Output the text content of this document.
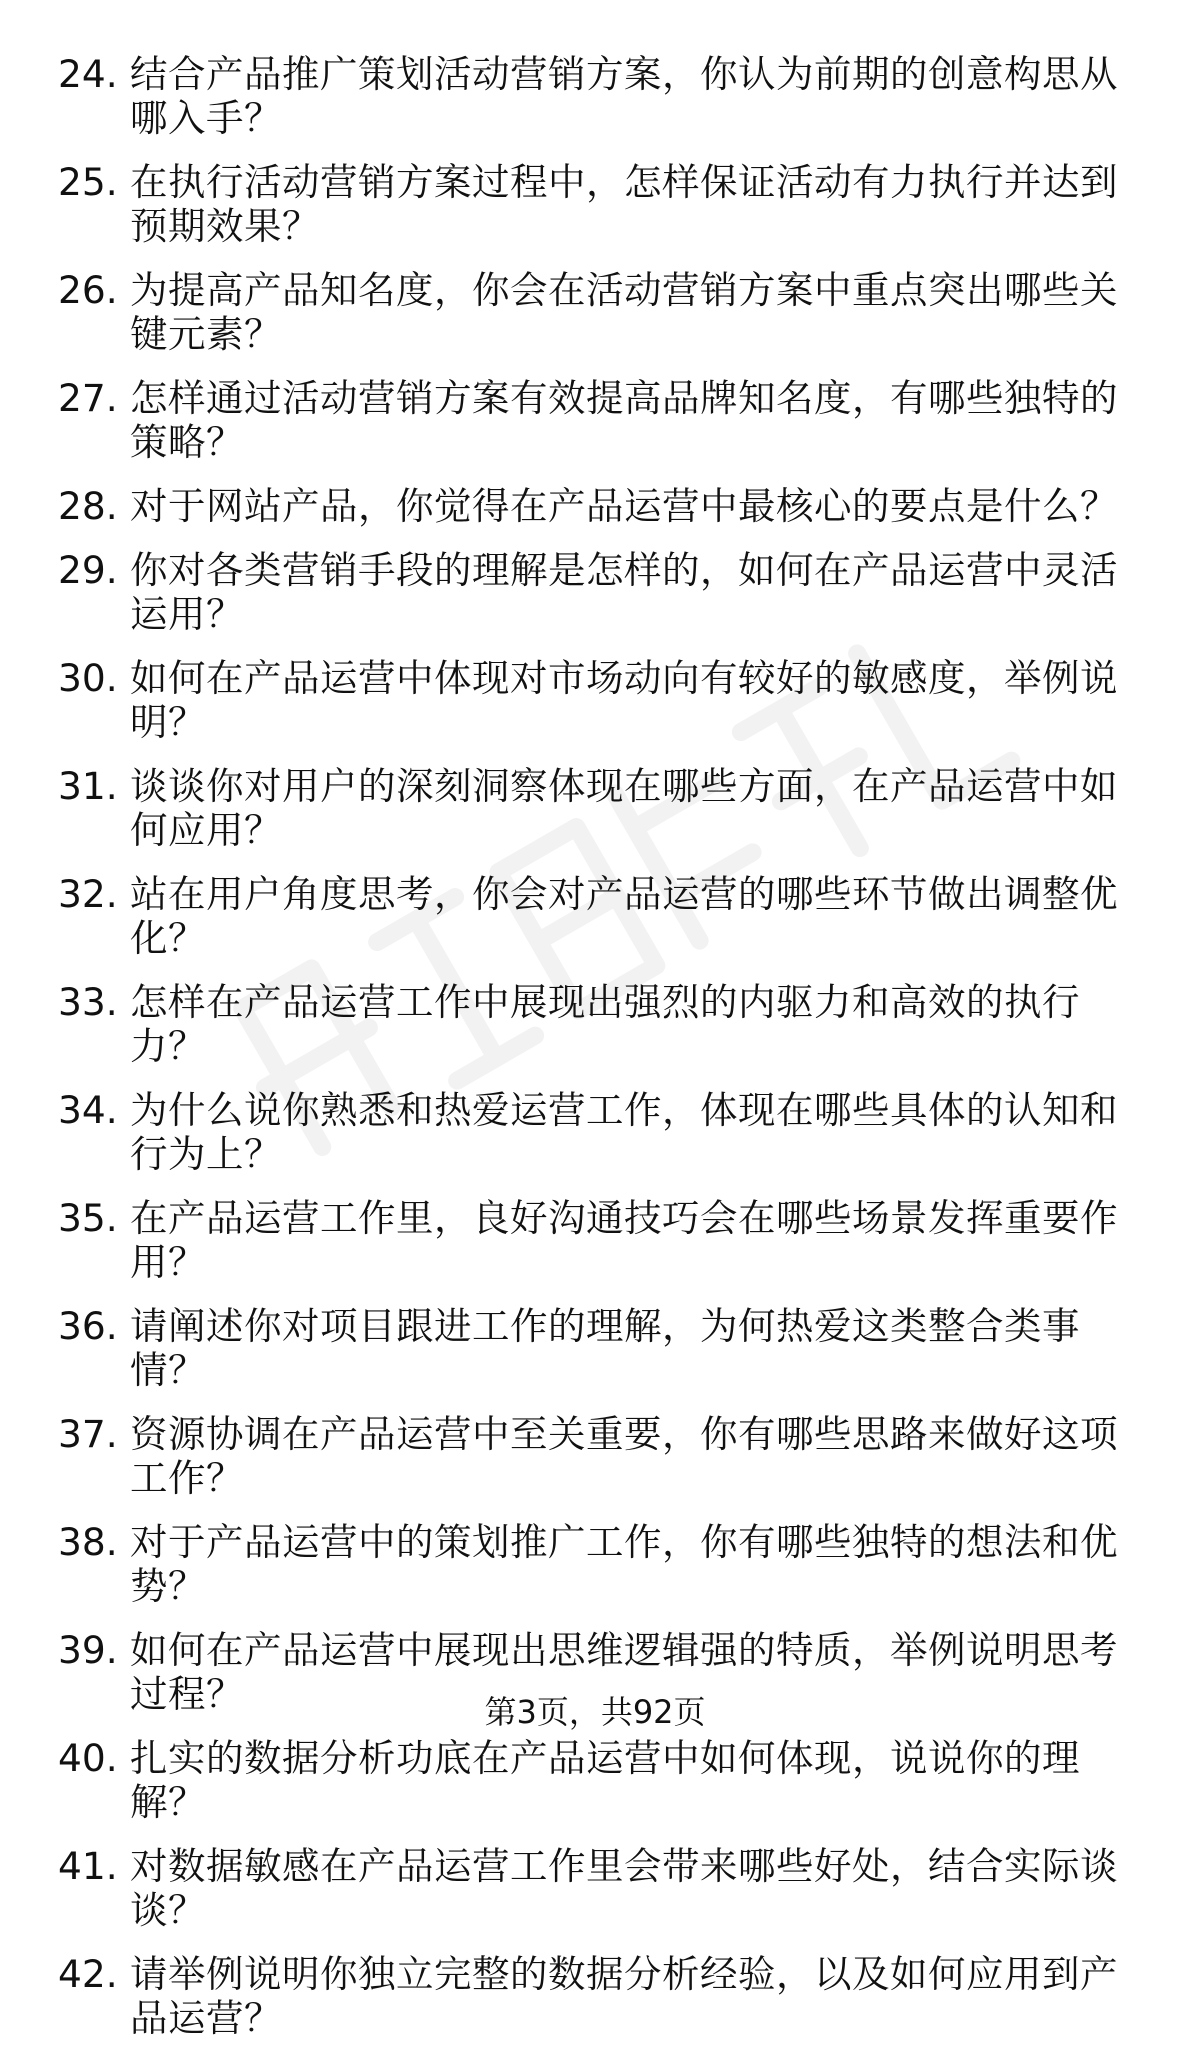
24. 结合产品推广策划活动营销方案，你认为前期的创意构思从哪入手？
25. 在执行活动营销方案过程中，怎样保证活动有力执行并达到预期效果？
26. 为提高产品知名度，你会在活动营销方案中重点突出哪些关键元素？
27. 怎样通过活动营销方案有效提高品牌知名度，有哪些独特的策略？
28. 对于网站产品，你觉得在产品运营中最核心的要点是什么？
29. 你对各类营销手段的理解是怎样的，如何在产品运营中灵活运用？
30. 如何在产品运营中体现对市场动向有较好的敏感度，举例说明？
31. 谈谈你对用户的深刻洞察体现在哪些方面，在产品运营中如何应用？
32. 站在用户角度思考，你会对产品运营的哪些环节做出调整优化？
33. 怎样在产品运营工作中展现出强烈的内驱力和高效的执行力？
34. 为什么说你熟悉和热爱运营工作，体现在哪些具体的认知和行为上？
35. 在产品运营工作里，良好沟通技巧会在哪些场景发挥重要作用？
36. 请阐述你对项目跟进工作的理解，为何热爱这类整合类事情？
37. 资源协调在产品运营中至关重要，你有哪些思路来做好这项工作？
38. 对于产品运营中的策划推广工作，你有哪些独特的想法和优势？
39. 如何在产品运营中展现出思维逻辑强的特质，举例说明思考过程？
40. 扎实的数据分析功底在产品运营中如何体现，说说你的理解？
41. 对数据敏感在产品运营工作里会带来哪些好处，结合实际谈谈？
42. 请举例说明你独立完整的数据分析经验，以及如何应用到产品运营？
第3页，共92页
